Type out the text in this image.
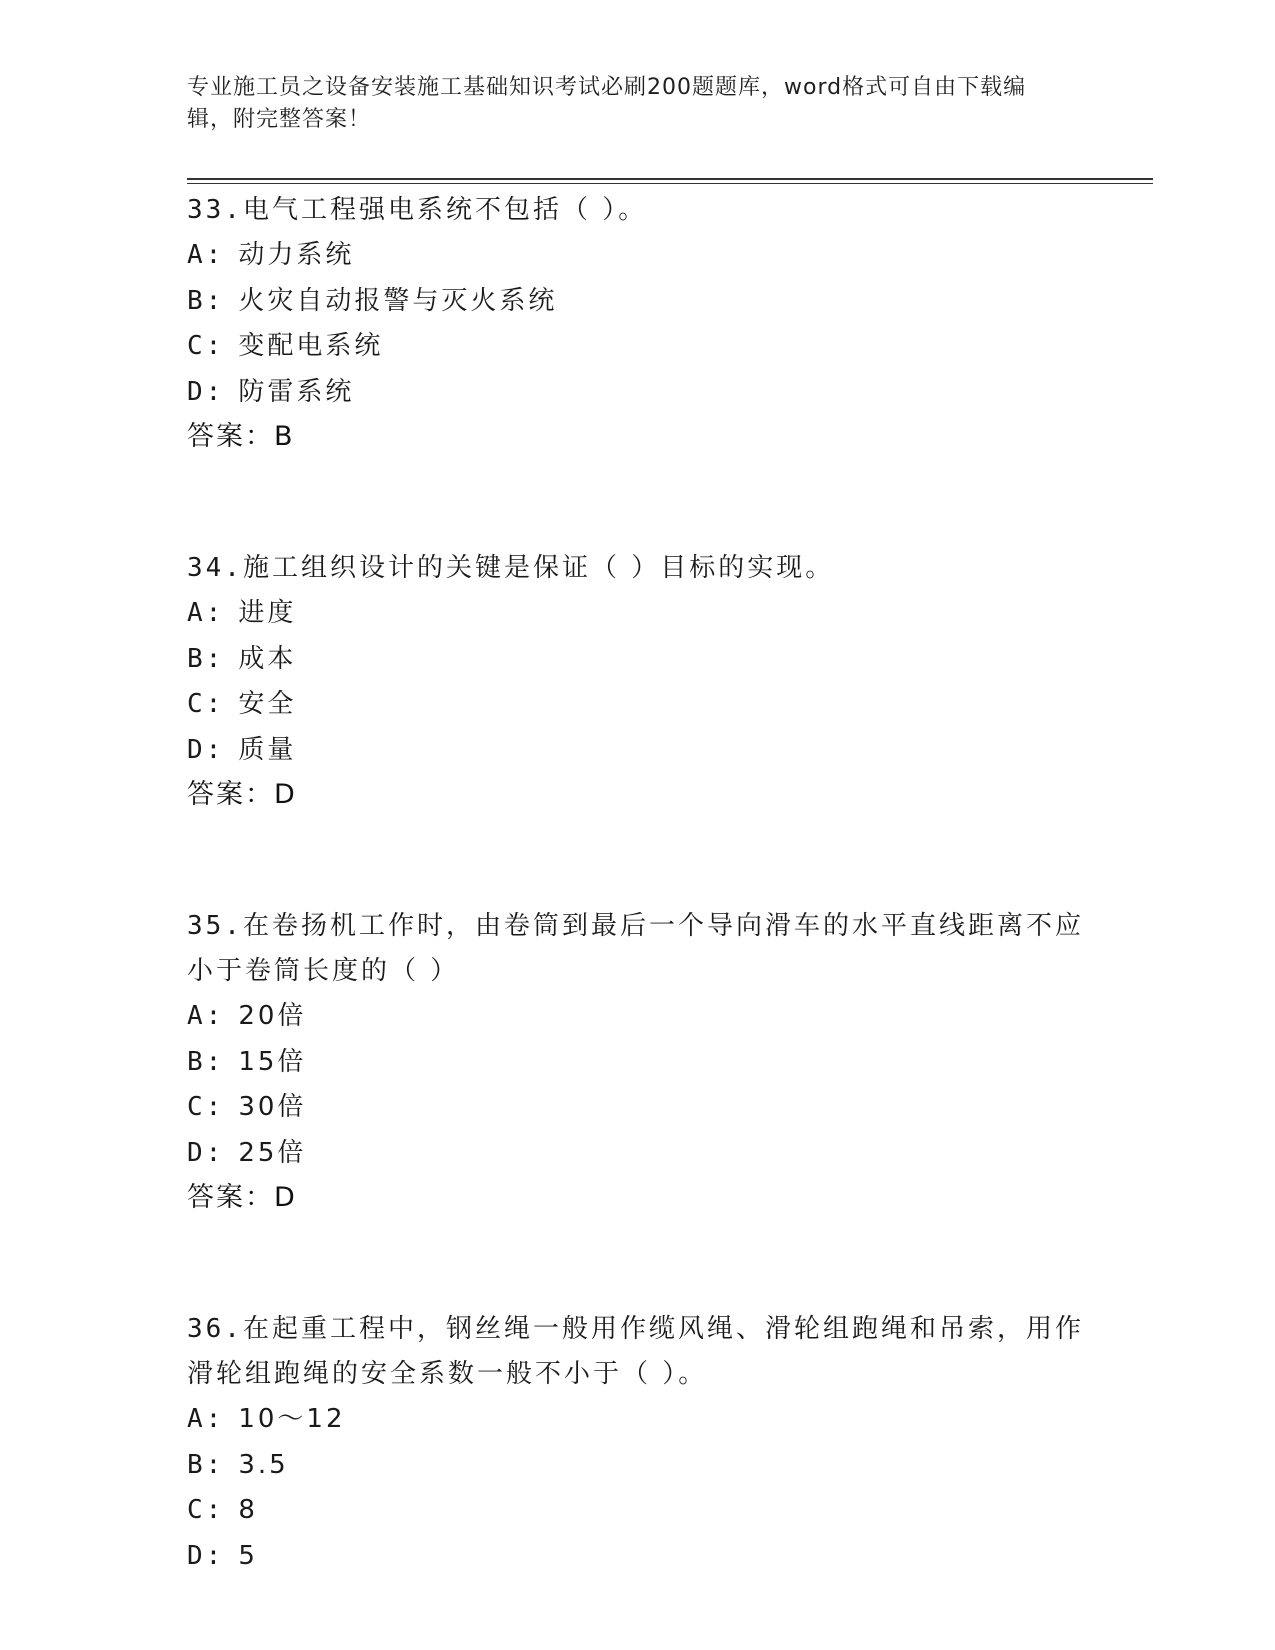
专业施工员之设备安装施工基础知识考试必刷200题题库，word格式可自由下载编辑，附完整答案！
33.电气工程强电系统不包括（ ）。
A: 动力系统
B: 火灾自动报警与灭火系统
C: 变配电系统
D: 防雷系统
答案：B
34.施工组织设计的关键是保证（ ）目标的实现。
A: 进度
B: 成本
C: 安全
D: 质量
答案：D
35.在卷扬机工作时，由卷筒到最后一个导向滑车的水平直线距离不应小于卷筒长度的（ ）
A: 20倍
B: 15倍
C: 30倍
D: 25倍
答案：D
36.在起重工程中，钢丝绳一般用作缆风绳、滑轮组跑绳和吊索，用作滑轮组跑绳的安全系数一般不小于（ ）。
A: 10～12
B: 3.5
C: 8
D: 5
